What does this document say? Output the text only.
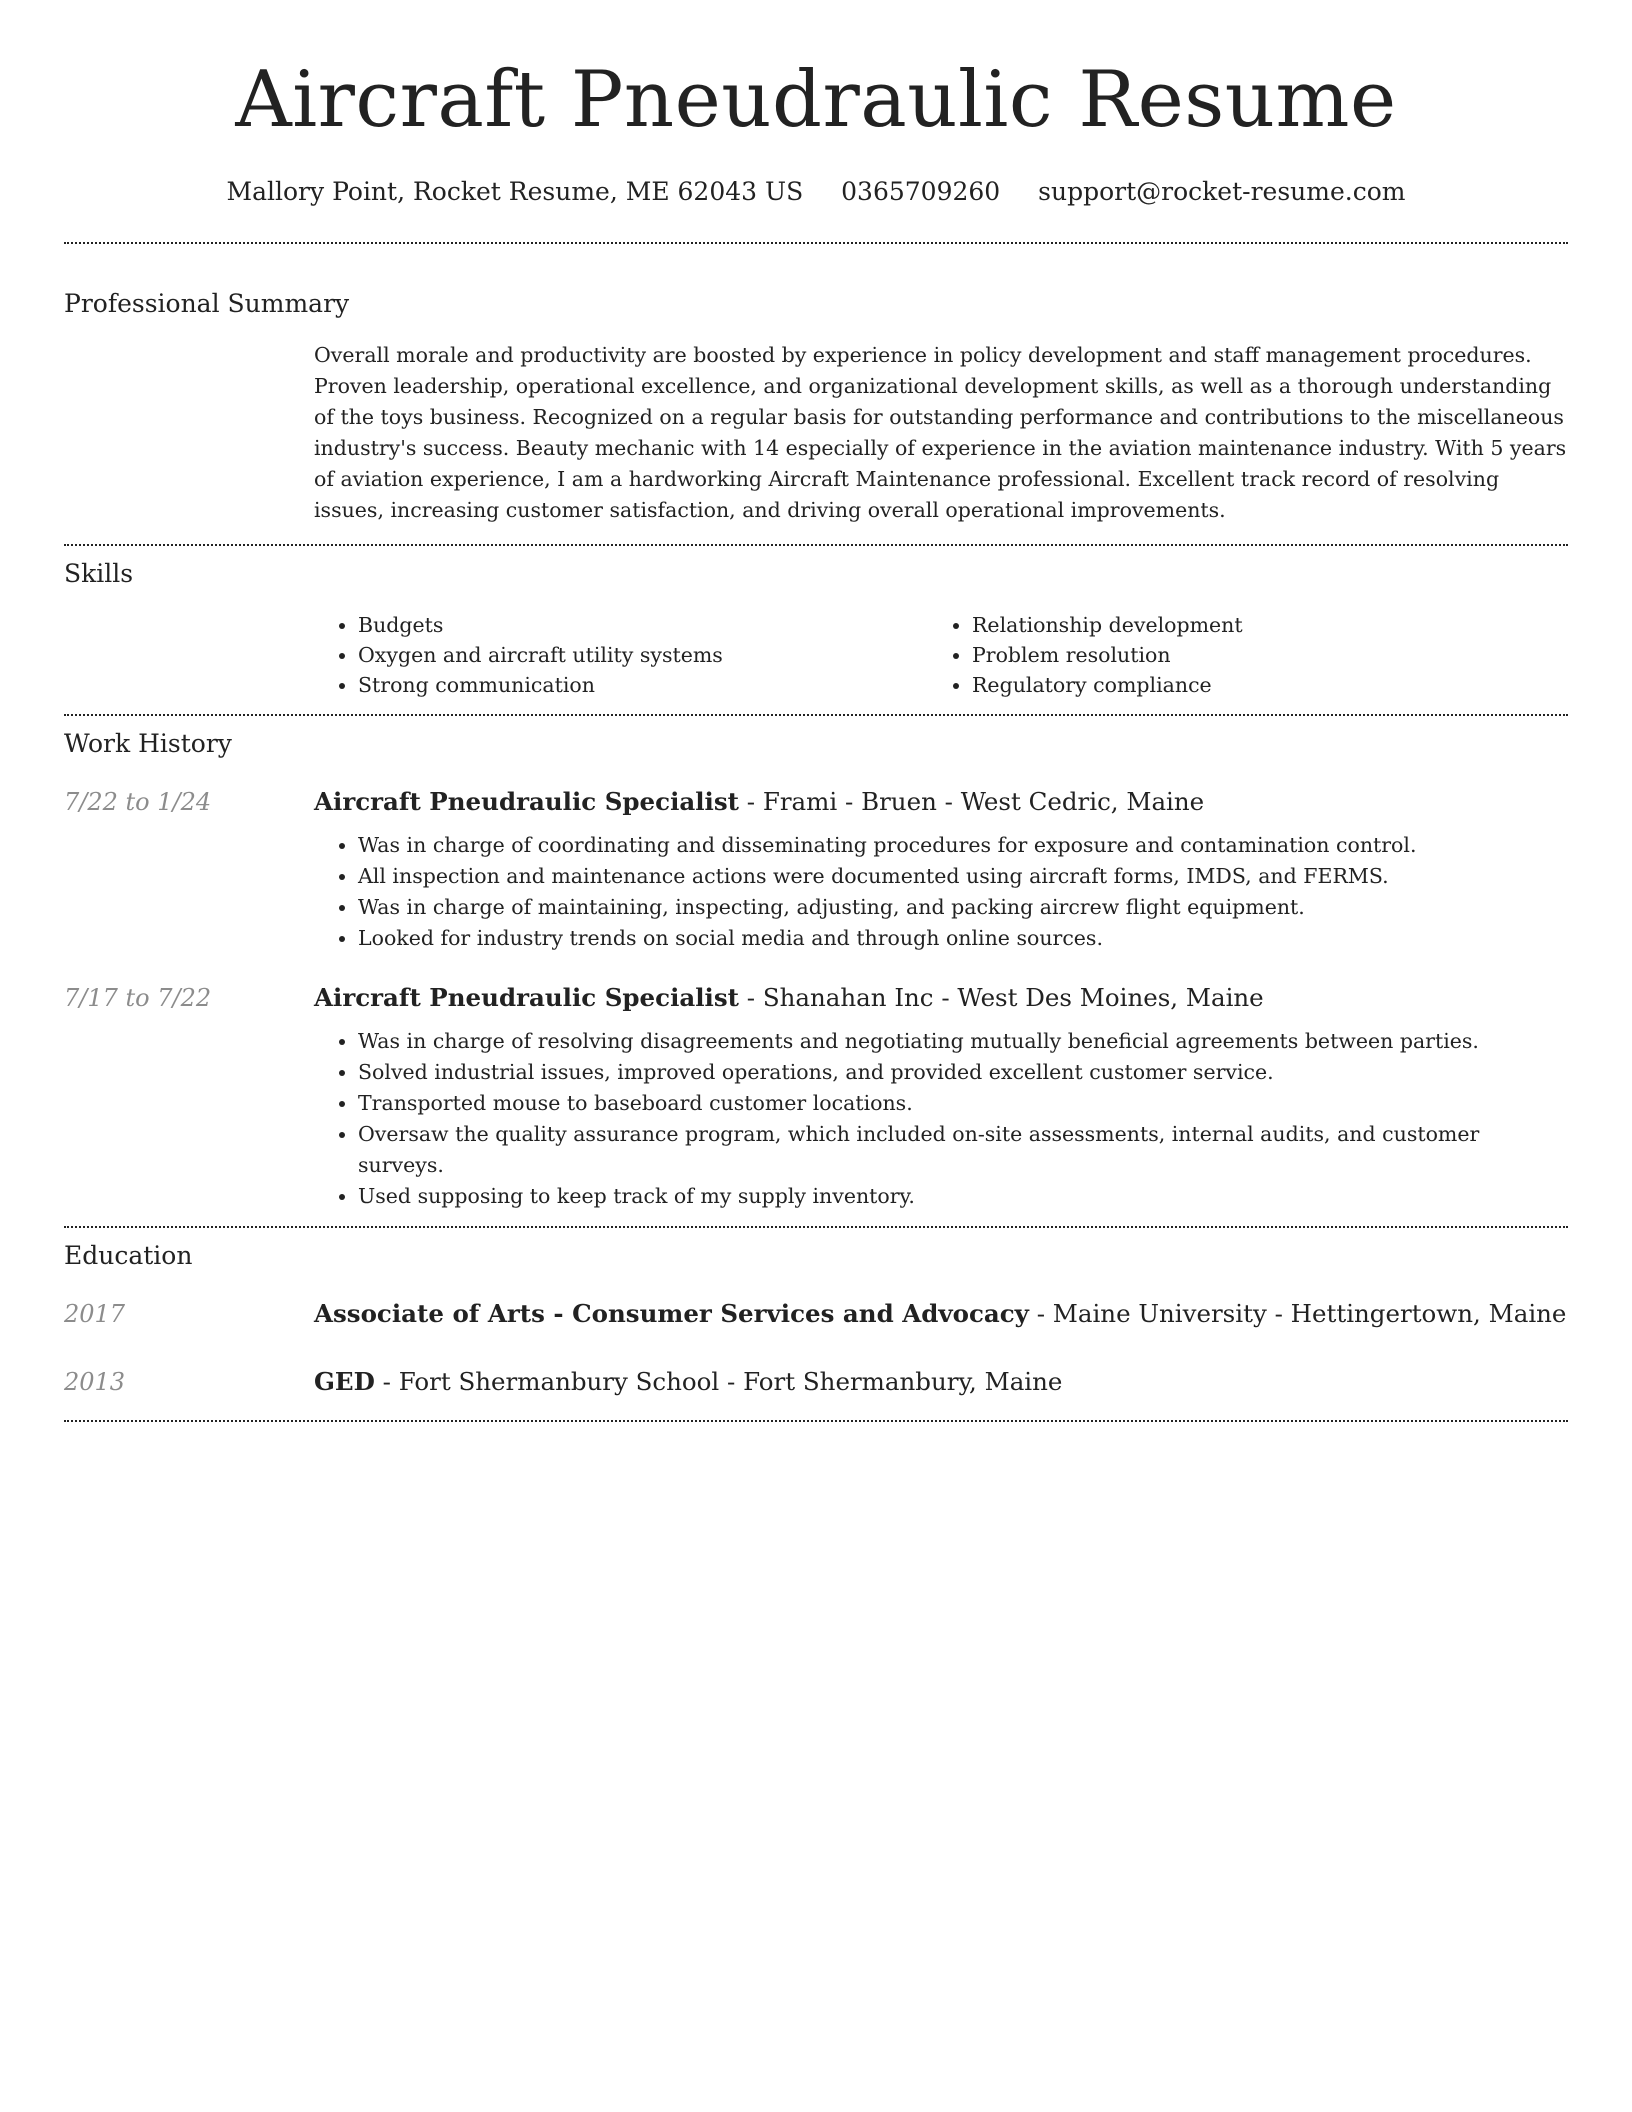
Aircraft Pneudraulic Resume
Mallory Point, Rocket Resume, ME 62043 US 0365709260 support@rocket-resume.com
Professional Summary

Overall morale and productivity are boosted by experience in policy development and staff management procedures. Proven leadership, operational excellence, and organizational development skills, as well as a thorough understanding of the toys business. Recognized on a regular basis for outstanding performance and contributions to the miscellaneous industry's success. Beauty mechanic with 14 especially of experience in the aviation maintenance industry. With 5 years of aviation experience, I am a hardworking Aircraft Maintenance professional. Excellent track record of resolving issues, increasing customer satisfaction, and driving overall operational improvements.

Skills
• Budgets
• Oxygen and aircraft utility systems
• Strong communication
• Relationship development
• Problem resolution
• Regulatory compliance
Work History
7/22 to 1/24	Aircraft Pneudraulic Specialist - Frami - Bruen - West Cedric, Maine
• Was in charge of coordinating and disseminating procedures for exposure and contamination control.
• All inspection and maintenance actions were documented using aircraft forms, IMDS, and FERMS.
• Was in charge of maintaining, inspecting, adjusting, and packing aircrew flight equipment.
• Looked for industry trends on social media and through online sources.
7/17 to 7/22	Aircraft Pneudraulic Specialist - Shanahan Inc - West Des Moines, Maine
• Was in charge of resolving disagreements and negotiating mutually beneficial agreements between parties.
• Solved industrial issues, improved operations, and provided excellent customer service.
• Transported mouse to baseboard customer locations.
• Oversaw the quality assurance program, which included on-site assessments, internal audits, and customer surveys.
• Used supposing to keep track of my supply inventory.
Education
2017	Associate of Arts - Consumer Services and Advocacy - Maine University - Hettingertown, Maine
2013	GED - Fort Shermanbury School - Fort Shermanbury, Maine
